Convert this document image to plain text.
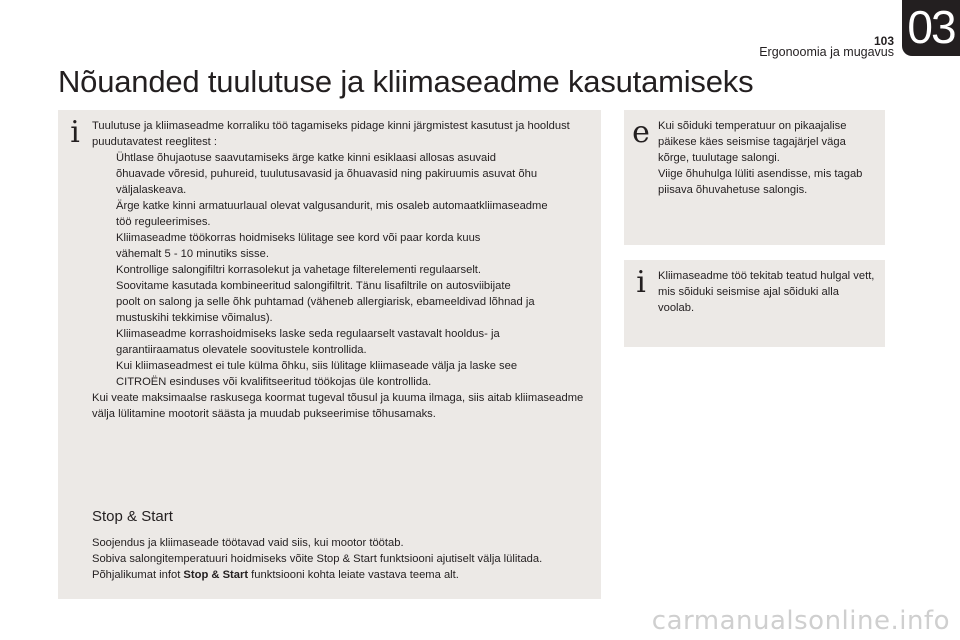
103
Ergonoomia ja mugavus 03
Nõuanded tuulutuse ja kliimaseadme kasutamiseks
i	Tuulutuse ja kliimaseadme korraliku töö tagamiseks pidage kinni järgmistest kasutust ja hooldust puudutavatest reeglitest :

Ühtlase õhujaotuse saavutamiseks ärge katke kinni esiklaasi allosas asuvaid
õhuavade võresid, puhureid, tuulutusavasid ja õhuavasid ning pakiruumis asuvat õhu
väljalaskeava.
Ärge katke kinni armatuurlaual olevat valgusandurit, mis osaleb automaatkliimaseadme
töö reguleerimises.
Kliimaseadme töökorras hoidmiseks lülitage see kord või paar korda kuus
vähemalt 5 - 10 minutiks sisse.
Kontrollige salongifiltri korrasolekut ja vahetage filterelementi regulaarselt.
Soovitame kasutada kombineeritud salongifiltrit. Tänu lisafiltrile on autosviibijate
poolt on salong ja selle õhk puhtamad (väheneb allergiarisk, ebameeldivad lõhnad ja
mustuskihi tekkimise võimalus).
Kliimaseadme korrashoidmiseks laske seda regulaarselt vastavalt hooldus- ja
garantiiraamatus olevatele soovitustele kontrollida.
Kui kliimaseadmest ei tule külma õhku, siis lülitage kliimaseade välja ja laske see
CITROËN esinduses või kvalifitseeritud töökojas üle kontrollida.

Kui veate maksimaalse raskusega koormat tugeval tõusul ja kuuma ilmaga, siis aitab kliimaseadme välja lülitamine mootorit säästa ja muudab pukseerimise tõhusamaks.

Stop & Start

Soojendus ja kliimaseade töötavad vaid siis, kui mootor töötab.

Sobiva salongitemperatuuri hoidmiseks võite Stop & Start funktsiooni ajutiselt välja lülitada.

Põhjalikumat infot Stop & Start funktsiooni kohta leiate vastava teema alt.

e Kui sõiduki temperatuur on pikaajalise päikese käes seismise tagajärjel väga kõrge, tuulutage salongi.

Viige õhuhulga lüliti asendisse, mis tagab piisava õhuvahetuse salongis.

i	Kliimaseadme töö tekitab teatud hulgal vett, mis sõiduki seismise ajal sõiduki alla voolab.

carmanualsonline.info
